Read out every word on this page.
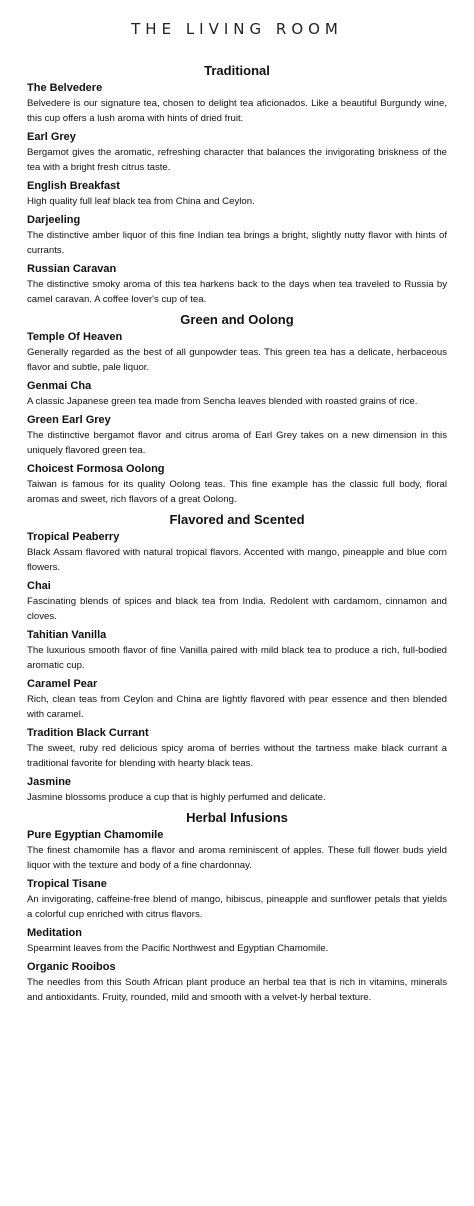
THE LIVING ROOM
Traditional

The Belvedere

Belvedere is our signature tea, chosen to delight tea aficionados. Like a beautiful Burgundy wine, this cup offers a lush aroma with hints of dried fruit.

Earl Grey

Bergamot gives the aromatic, refreshing character that balances the invigorating briskness of the tea with a bright fresh citrus taste.

English Breakfast

High quality full leaf black tea from China and Ceylon.

Darjeeling

The distinctive amber liquor of this fine Indian tea brings a bright, slightly nutty flavor with hints of currants.

Russian Caravan

The distinctive smoky aroma of this tea harkens back to the days when tea traveled to Russia by camel caravan. A coffee lover's cup of tea.

Green and Oolong

Temple Of Heaven

Generally regarded as the best of all gunpowder teas. This green tea has a delicate, herbaceous flavor and subtle, pale liquor.

Genmai Cha

A classic Japanese green tea made from Sencha leaves blended with roasted grains of rice.

Green Earl Grey

The distinctive bergamot flavor and citrus aroma of Earl Grey takes on a new dimension in this uniquely flavored green tea.

Choicest Formosa Oolong

Taiwan is famous for its quality Oolong teas. This fine example has the classic full body, floral aromas and sweet, rich flavors of a great Oolong.

Flavored and Scented

Tropical Peaberry

Black Assam flavored with natural tropical flavors. Accented with mango, pineapple and blue corn flowers.

Chai

Fascinating blends of spices and black tea from India. Redolent with cardamom, cinnamon and cloves.

Tahitian Vanilla

The luxurious smooth flavor of fine Vanilla paired with mild black tea to produce a rich, full-bodied aromatic cup.

Caramel Pear

Rich, clean teas from Ceylon and China are lightly flavored with pear essence and then blended with caramel.

Tradition Black Currant

The sweet, ruby red delicious spicy aroma of berries without the tartness make black currant a traditional favorite for blending with hearty black teas.

Jasmine

Jasmine blossoms produce a cup that is highly perfumed and delicate.

Herbal Infusions

Pure Egyptian Chamomile

The finest chamomile has a flavor and aroma reminiscent of apples. These full flower buds yield liquor with the texture and body of a fine chardonnay.

Tropical Tisane

An invigorating, caffeine-free blend of mango, hibiscus, pineapple and sunflower petals that yields a colorful cup enriched with citrus flavors.

Meditation

Spearmint leaves from the Pacific Northwest and Egyptian Chamomile.

Organic Rooibos

The needles from this South African plant produce an herbal tea that is rich in vitamins, minerals and antioxidants. Fruity, rounded, mild and smooth with a velvet-ly herbal texture.
